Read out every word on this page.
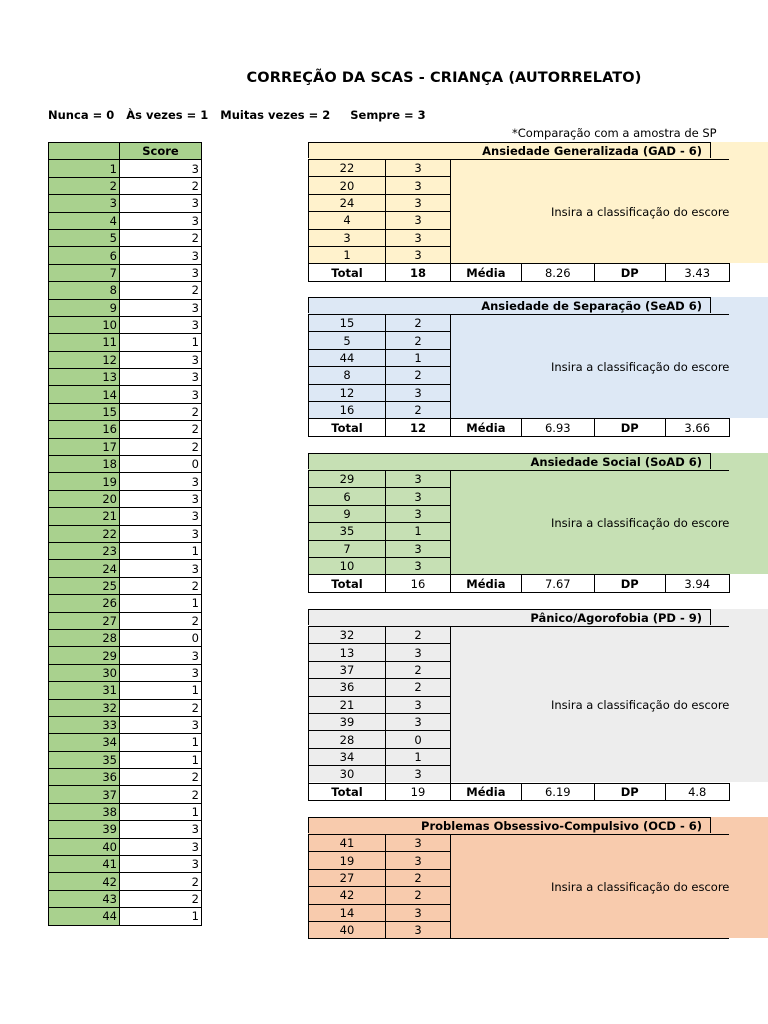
CORREÇÃO DA SCAS - CRIANÇA (AUTORRELATO)
Nunca = 0   Às vezes = 1   Muitas vezes = 2     Sempre = 3
*Comparação com a amostra de SP
	Score
1	3
2	2
3	3
4	3
5	2
6	3
7	3
8	2
9	3
10	3
11	1
12	3
13	3
14	3
15	2
16	2
17	2
18	0
19	3
20	3
21	3
22	3
23	1
24	3
25	2
26	1
27	2
28	0
29	3
30	3
31	1
32	2
33	3
34	1
35	1
36	2
37	2
38	1
39	3
40	3
41	3
42	2
43	2
44	1
Ansiedade Generalizada (GAD - 6)
22	3	Insira a classificação do escore			
20	3				
24	3				
4	3				
3	3				
1	3				
Total	18	Média	8.26	DP	3.43
Ansiedade de Separação (SeAD 6)
15	2	Insira a classificação do escore			
5	2				
44	1				
8	2				
12	3				
16	2				
Total	12	Média	6.93	DP	3.66
Ansiedade Social (SoAD 6)
29	3	Insira a classificação do escore			
6	3				
9	3				
35	1				
7	3				
10	3				
Total	16	Média	7.67	DP	3.94
Pânico/Agorofobia (PD - 9)
32	2	Insira a classificação do escore			
13	3				
37	2				
36	2				
21	3				
39	3				
28	0				
34	1				
30	3				
Total	19	Média	6.19	DP	4.8
Problemas Obsessivo-Compulsivo (OCD - 6)
41	3	Insira a classificação do escore
19	3	
27	2	
42	2	
14	3	
40	3	
